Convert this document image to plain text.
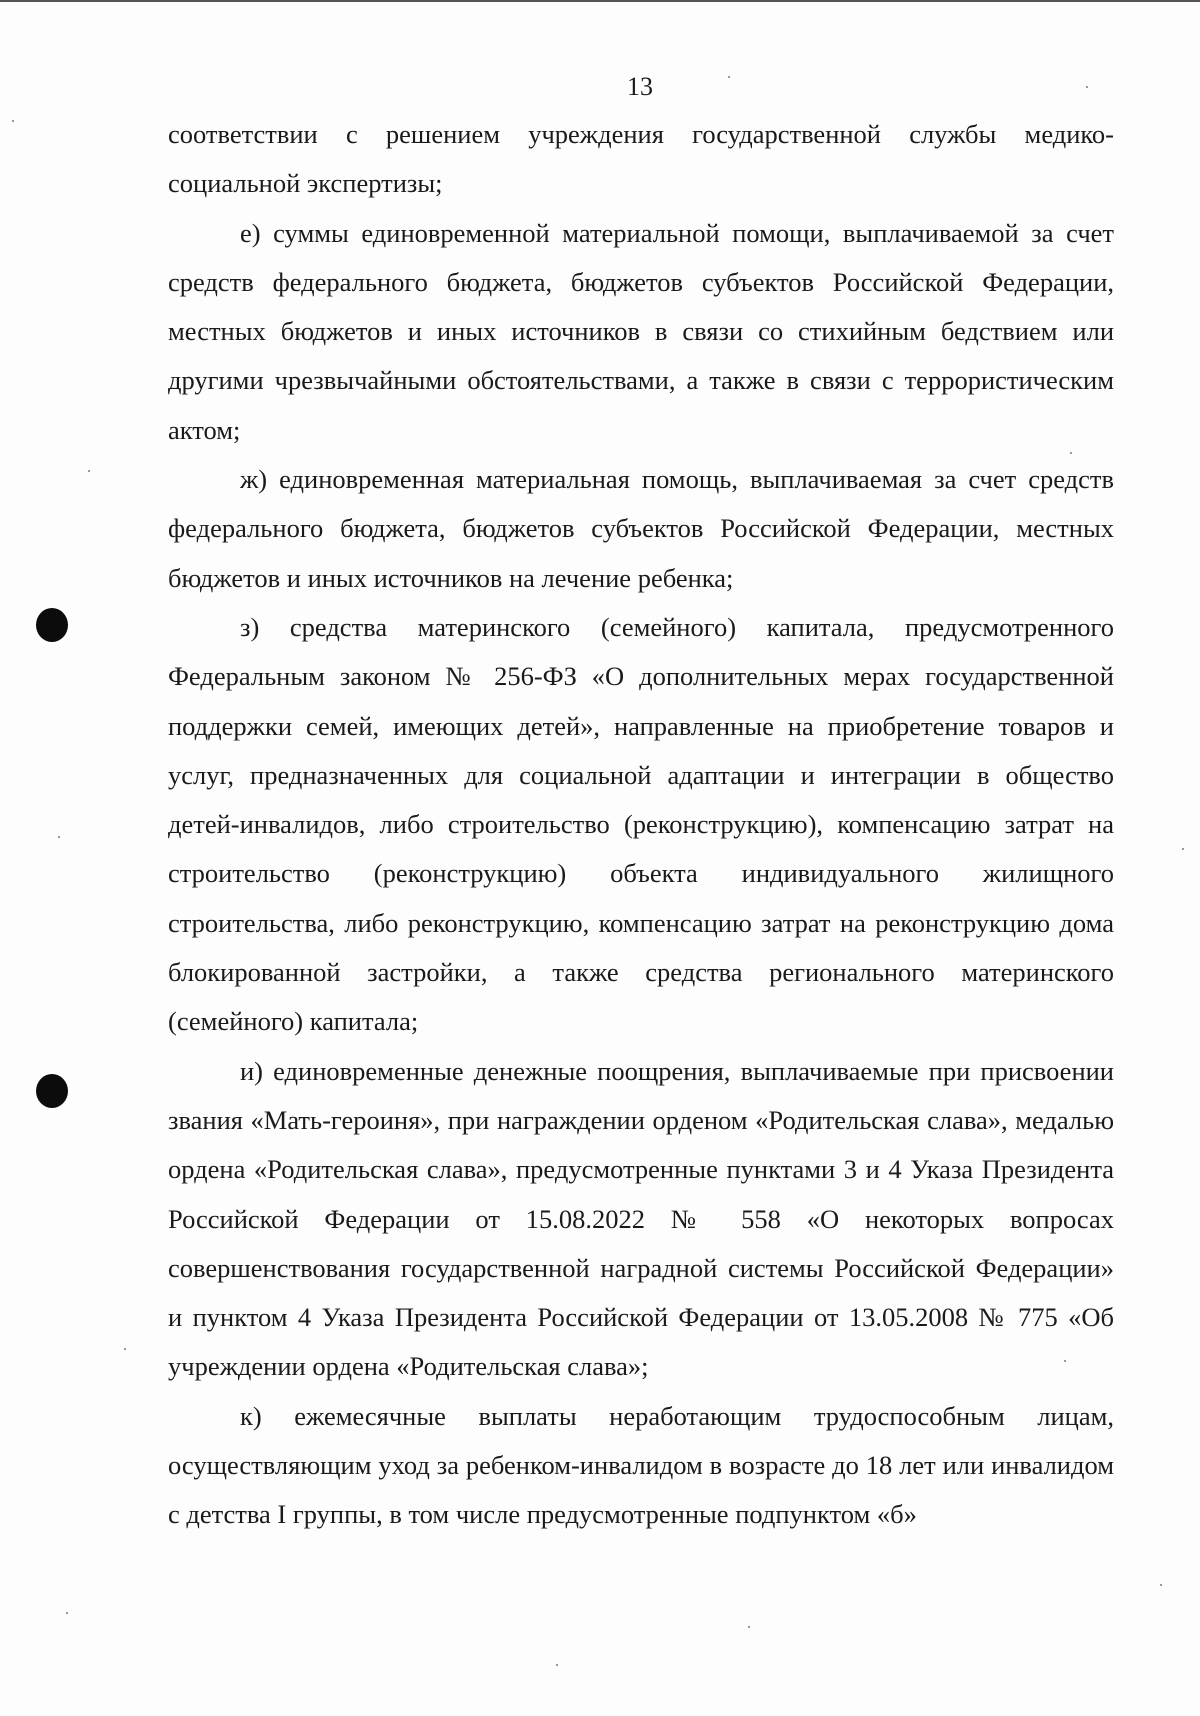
13

соответствии с решением учреждения государственной службы медико-социальной экспертизы;

е) суммы единовременной материальной помощи, выплачиваемой за счет средств федерального бюджета, бюджетов субъектов Российской Федерации, местных бюджетов и иных источников в связи со стихийным бедствием или другими чрезвычайными обстоятельствами, а также в связи с террористическим актом;

ж) единовременная материальная помощь, выплачиваемая за счет средств федерального бюджета, бюджетов субъектов Российской Федерации, местных бюджетов и иных источников на лечение ребенка;

з) средства материнского (семейного) капитала, предусмотренного Федеральным законом № 256-ФЗ «О дополнительных мерах государственной поддержки семей, имеющих детей», направленные на приобретение товаров и услуг, предназначенных для социальной адаптации и интеграции в общество детей-инвалидов, либо строительство (реконструкцию), компенсацию затрат на строительство (реконструкцию) объекта индивидуального жилищного строительства, либо реконструкцию, компенсацию затрат на реконструкцию дома блокированной застройки, а также средства регионального материнского (семейного) капитала;

и) единовременные денежные поощрения, выплачиваемые при присвоении звания «Мать-героиня», при награждении орденом «Родительская слава», медалью ордена «Родительская слава», предусмотренные пунктами 3 и 4 Указа Президента Российской Федерации от 15.08.2022 № 558 «О некоторых вопросах совершенствования государственной наградной системы Российской Федерации» и пунктом 4 Указа Президента Российской Федерации от 13.05.2008 № 775 «Об учреждении ордена «Родительская слава»;

к) ежемесячные выплаты неработающим трудоспособным лицам, осуществляющим уход за ребенком-инвалидом в возрасте до 18 лет или инвалидом с детства I группы, в том числе предусмотренные подпунктом «б»
